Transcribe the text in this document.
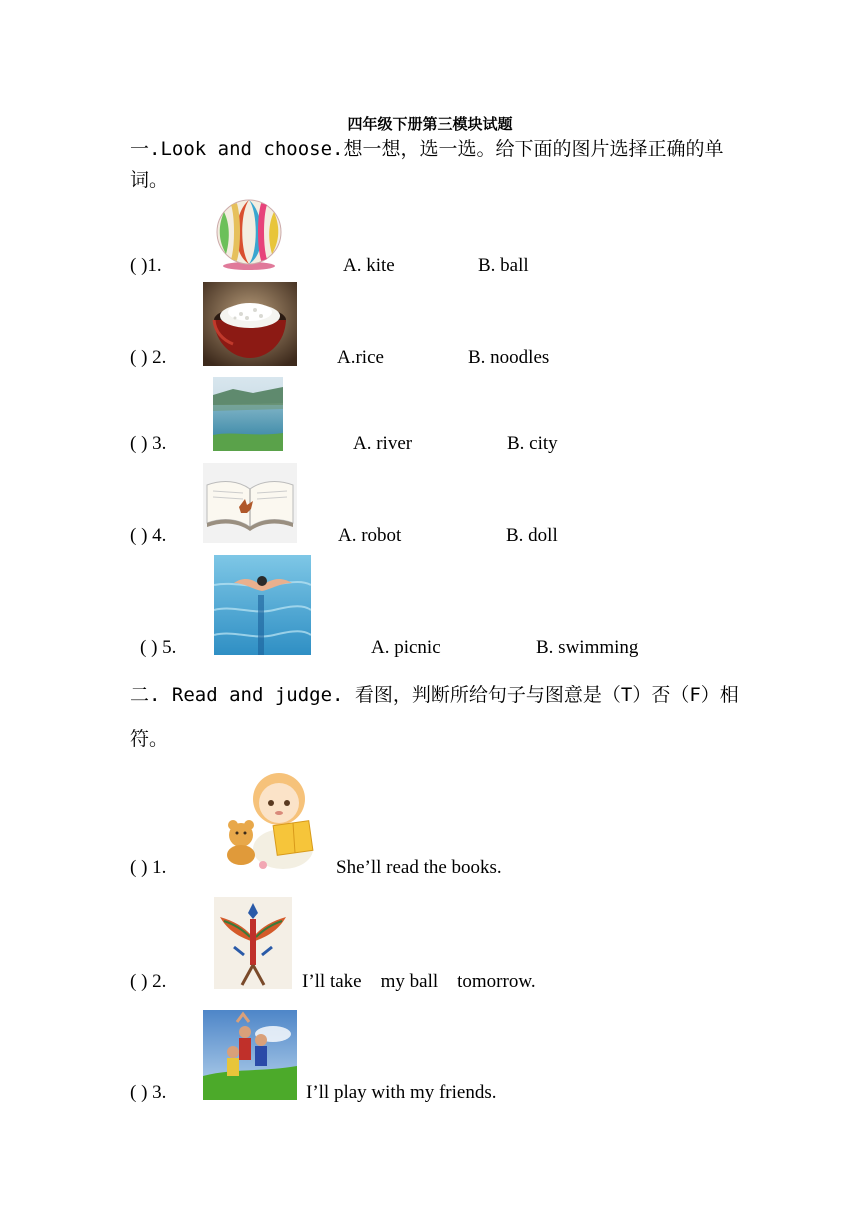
四年级下册第三模块试题
一.Look and choose.想一想，选一选。给下面的图片选择正确的单词。
( )1.	A. kite	B. ball
( ) 2.	A.rice	B. noodles
( ) 3.	A. river	B. city
( ) 4.	A. robot	B. doll
( ) 5.	A. picnic	B. swimming
二. Read and judge. 看图，判断所给句子与图意是（T）否（F）相符。
( ) 1.	She’ll read the books.
( ) 2.	I’ll take    my ball    tomorrow.
( ) 3.	I’ll play with my friends.
